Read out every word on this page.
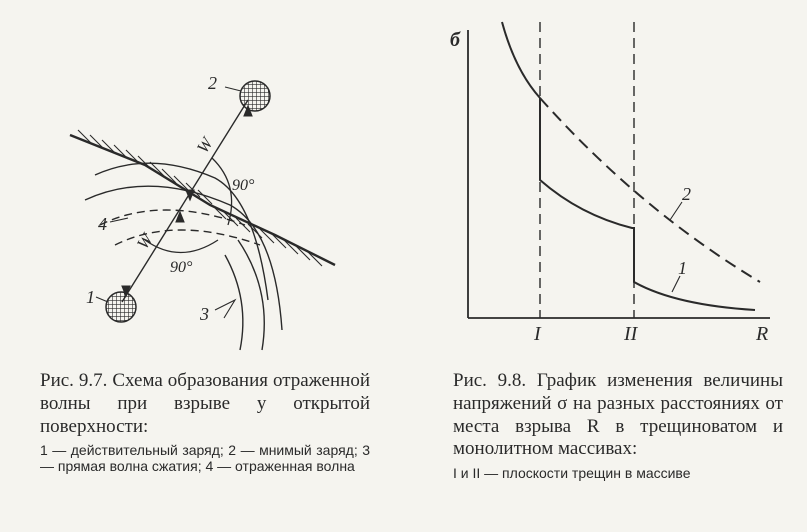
1
2
3
4
W
W
90°
90°
2
1
б
R
I	II
Рис. 9.7. Схема образования отраженной волны при взрыве у открытой поверхности:
1 — действительный заряд; 2 — мнимый заряд; 3 — прямая волна сжатия; 4 — отраженная волна
Рис. 9.8. График изменения величины напряжений σ на разных расстояниях от места взрыва R в трещиноватом и монолитном массивах:
I и II — плоскости трещин в массиве
